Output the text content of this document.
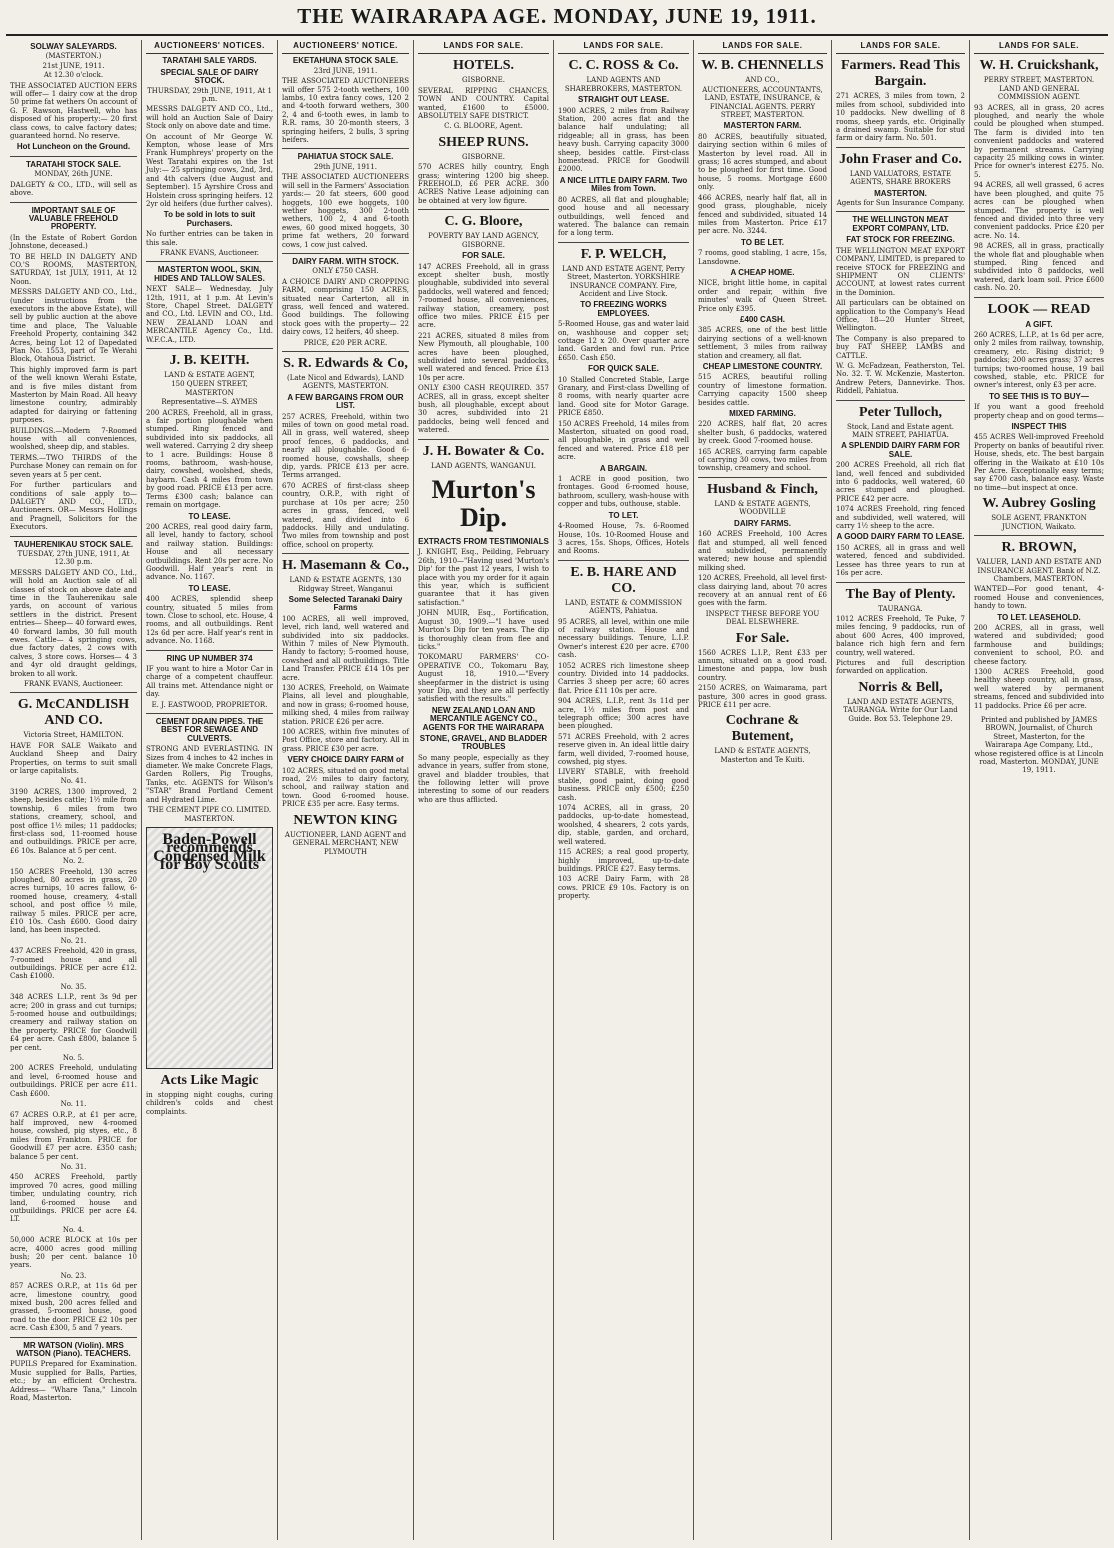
THE WAIRARAPA AGE. MONDAY, JUNE 19, 1911.
SOLWAY SALEYARDS.
(MASTERTON.)
21st JUNE, 1911.
At 12.30 o'clock.
THE ASSOCIATED AUCTION EERS will offer— 1 dairy cow at the drop 50 prime fat wethers On account of G. F. Rawson, Hastwell, who has disposed of his property:— 20 first class cows, to calve factory dates; guaranteed hornd. No reserve.
Hot Luncheon on the Ground.
TARATAHI STOCK SALE.
MONDAY, 26th JUNE.
DALGETY & CO., LTD., will sell as above.
IMPORTANT SALE OF VALUABLE FREEHOLD PROPERTY.
(In the Estate of Robert Gordon Johnstone, deceased.)
TO BE HELD IN DALGETY AND CO.'S ROOMS, MASTERTON, SATURDAY, 1st JULY, 1911, At 12 Noon.
MESSRS DALGETY AND CO., Ltd., (under instructions from the executors in the above Estate), will sell by public auction at the above time and place, The Valuable Freehold Property, containing 342 Acres, being Lot 12 of Dapedated Plan No. 1553, part of Te Werahi Block, Otahoua District.
This highly improved farm is part of the well known Werahi Estate, and is five miles distant from Masterton by Main Road. All heavy limestone country, admirably adapted for dairying or fattening purposes.
BUILDINGS.—Modern 7-Roomed house with all conveniences, woolshed, sheep dip, and stables.
TERMS.—TWO THIRDS of the Purchase Money can remain on for seven years at 5 per cent.
For further particulars and conditions of sale apply to— DALGETY AND CO., LTD., Auctioneers. OR— Messrs Hollings and Pragnell, Solicitors for the Executors.
TAUHERENIKAU STOCK SALE.
TUESDAY, 27th JUNE, 1911, At 12.30 p.m.
MESSRS DALGETY AND CO., Ltd., will hold an Auction sale of all classes of stock on above date and time in the Tauherenikau sale yards, on account of various settlers in the district. Present entries— Sheep— 40 forward ewes, 40 forward lambs, 30 full mouth ewes. Cattle— 4 springing cows, due factory dates, 2 cows with calves, 3 store cows. Horses— 4 3 and 4yr old draught geldings, broken to all work.
FRANK EVANS, Auctioneer.
G. McCANDLISH AND CO.
Victoria Street, HAMILTON.
HAVE FOR SALE Waikato and Auckland Sheep and Dairy Properties, on terms to suit small or large capitalists.
No. 41.
3190 ACRES, 1300 improved, 2 sheep, besides cattle; 1½ mile from township, 6 miles from two stations, creamery, school, and post office 1½ miles; 11 paddocks; first-class sod, 11-roomed house and outbuildings. PRICE per acre, £6 10s. Balance at 5 per cent.
No. 2.
150 ACRES Freehold, 130 acres ploughed, 80 acres in grass, 20 acres turnips, 10 acres fallow, 6-roomed house, creamery, 4-stall school, and post office ½ mile, railway 5 miles. PRICE per acre, £10 10s. Cash £600. Good dairy land, has been inspected.
No. 21.
437 ACRES Freehold, 420 in grass, 7-roomed house and all outbuildings. PRICE per acre £12. Cash £1000.
No. 35.
348 ACRES L.I.P., rent 3s 9d per acre; 200 in grass and cut turnips; 5-roomed house and outbuildings; creamery and railway station on the property. PRICE for Goodwill £4 per acre. Cash £800, balance 5 per cent.
No. 5.
200 ACRES Freehold, undulating and level, 6-roomed house and outbuildings. PRICE per acre £11. Cash £600.
No. 11.
67 ACRES O.R.P., at £1 per acre, half improved, new 4-roomed house, cowshed, pig styes, etc., 8 miles from Frankton. PRICE for Goodwill £7 per acre. £350 cash; balance 5 per cent.
No. 31.
450 ACRES Freehold, partly improved 70 acres, good milling timber, undulating country, rich land, 6-roomed house and outbuildings. PRICE per acre £4. LT.
No. 4.
50,000 ACRE BLOCK at 10s per acre, 4000 acres good milling bush; 20 per cent. balance 10 years.
No. 23.
857 ACRES O.R.P., at 11s 6d per acre, limestone country, good mixed bush, 200 acres felled and grassed, 5-roomed house, good road to the door. PRICE £2 10s per acre. Cash £300, 5 and 7 years.
MR WATSON (Violin). MRS WATSON (Piano). TEACHERS.
PUPILS Prepared for Examination. Music supplied for Balls, Parties, etc.; by an efficient Orchestra. Address— "Whare Tana," Lincoln Road, Masterton.
AUCTIONEERS' NOTICES.
TARATAHI SALE YARDS.
SPECIAL SALE OF DAIRY STOCK.
THURSDAY, 29th JUNE, 1911, At 1 p.m.
MESSRS DALGETY AND CO., Ltd., will hold an Auction Sale of Dairy Stock only on above date and time.
On account of Mr George W. Kempton, whose lease of Mrs Frank Humphreys' property on the West Taratahi expires on the 1st July:— 25 springing cows, 2nd, 3rd, and 4th calvers (due August and September). 15 Ayrshire Cross and Holstein cross springing heifers. 12 2yr old heifers (due further calves).
To be sold in lots to suit Purchasers.
No further entries can be taken in this sale.
FRANK EVANS, Auctioneer.
MASTERTON WOOL, SKIN, HIDES AND TALLOW SALES.
NEXT SALE— Wednesday, July 12th, 1911, at 1 p.m. At Levin's Store, Chapel Street. DALGETY and CO., Ltd. LEVIN and CO., Ltd. NEW ZEALAND LOAN and MERCANTILE Agency Co., Ltd. W.F.C.A., LTD.
J. B. KEITH.
LAND & ESTATE AGENT,
150 QUEEN STREET, MASTERTON
Representative—S. AYMES
200 ACRES, Freehold, all in grass, a fair portion ploughable when stumped. Ring fenced and subdivided into six paddocks, all well watered. Carrying 2 dry sheep to 1 acre. Buildings: House 8 rooms, bathroom, wash-house, dairy, cowshed, woolshed, sheds, haybarn. Cash 4 miles from town by good road. PRICE £13 per acre. Terms £300 cash; balance can remain on mortgage.
TO LEASE.
200 ACRES, real good dairy farm, all level, handy to factory, school and railway station. Buildings: House and all necessary outbuildings. Rent 20s per acre. No Goodwill. Half year's rent in advance. No. 1167.
TO LEASE.
400 ACRES, splendid sheep country, situated 5 miles from town. Close to school, etc. House, 4 rooms, and all outbuildings. Rent 12s 6d per acre. Half year's rent in advance. No. 1168.
RING UP NUMBER 374
IF you want to hire a Motor Car in charge of a competent chauffeur. All trains met. Attendance night or day.
E. J. EASTWOOD, PROPRIETOR.
CEMENT DRAIN PIPES. THE BEST FOR SEWAGE AND CULVERTS.
STRONG AND EVERLASTING. IN Sizes from 4 inches to 42 inches in diameter. We make Concrete Flags, Garden Rollers, Pig Troughs, Tanks, etc. AGENTS for Wilson's "STAR" Brand Portland Cement and Hydrated Lime.
THE CEMENT PIPE CO. LIMITED. MASTERTON.
Baden-Powell recommends Condensed Milk for Boy Scouts
Acts Like Magic
in stopping night coughs, curing children's colds and chest complaints.
AUCTIONEERS' NOTICE.
EKETAHUNA STOCK SALE.
23rd JUNE, 1911.
THE ASSOCIATED AUCTIONEERS will offer 575 2-tooth wethers, 100 lambs, 10 extra fancy cows, 120 2 and 4-tooth forward wethers, 300 2, 4 and 6-tooth ewes, in lamb to R.R. rams, 30 20-month steers, 3 springing heifers, 2 bulls, 3 spring heifers.
PAHIATUA STOCK SALE.
29th JUNE, 1911.
THE ASSOCIATED AUCTIONEERS will sell in the Farmers' Association yards:— 20 fat steers, 600 good hoggets, 100 ewe hoggets, 100 wether hoggets, 300 2-tooth wethers, 100 2, 4 and 6-tooth ewes, 60 good mixed hoggets, 30 prime fat wethers, 20 forward cows, 1 cow just calved.
DAIRY FARM. WITH STOCK.
ONLY £750 CASH.
A CHOICE DAIRY AND CROPPING FARM, comprising 150 ACRES, situated near Carterton, all in grass, well fenced and watered. Good buildings. The following stock goes with the property— 22 dairy cows, 12 heifers, 40 sheep.
PRICE, £20 PER ACRE.
S. R. Edwards & Co,
(Late Nicol and Edwards), LAND AGENTS, MASTERTON.
A FEW BARGAINS FROM OUR LIST.
257 ACRES, Freehold, within two miles of town on good metal road. All in grass, well watered, sheep proof fences, 6 paddocks, and nearly all ploughable. Good 6-roomed house, cowshalls, sheep dip, yards. PRICE £13 per acre. Terms arranged.
670 ACRES of first-class sheep country, O.R.P., with right of purchase at 10s per acre; 250 acres in grass, fenced, well watered, and divided into 6 paddocks. Hilly and undulating. Two miles from township and post office, school on property.
H. Masemann & Co.,
LAND & ESTATE AGENTS, 130 Ridgway Street, Wanganui
Some Selected Taranaki Dairy Farms
100 ACRES, all well improved, level, rich land, well watered and subdivided into six paddocks. Within 7 miles of New Plymouth. Handy to factory; 5-roomed house, cowshed and all outbuildings. Title Land Transfer. PRICE £14 10s per acre.
130 ACRES, Freehold, on Waimate Plains, all level and ploughable, and now in grass; 6-roomed house, milking shed, 4 miles from railway station. PRICE £26 per acre.
100 ACRES, within five minutes of Post Office, store and factory. All in grass. PRICE £30 per acre.
VERY CHOICE DAIRY FARM of
102 ACRES, situated on good metal road, 2½ miles to dairy factory, school, and railway station and town. Good 6-roomed house. PRICE £35 per acre. Easy terms.
NEWTON KING
AUCTIONEER, LAND AGENT and GENERAL MERCHANT, NEW PLYMOUTH
LANDS FOR SALE.
HOTELS.
GISBORNE.
SEVERAL RIPPING CHANCES, TOWN AND COUNTRY. Capital wanted, £1600 to £5000. ABSOLUTELY SAFE DISTRICT.
C. G. BLOORE, Agent.
SHEEP RUNS.
GISBORNE.
570 ACRES hilly country, Engh grass; wintering 1200 big sheep. FREEHOLD, £6 PER ACRE. 300 ACRES Native Lease adjoining can be obtained at very low figure.
C. G. Bloore,
POVERTY BAY LAND AGENCY, GISBORNE.
FOR SALE.
147 ACRES Freehold, all in grass except shelter bush, mostly ploughable, subdivided into several paddocks, well watered and fenced; 7-roomed house, all conveniences, railway station, creamery, post office two miles. PRICE £15 per acre.
221 ACRES, situated 8 miles from New Plymouth, all ploughable, 100 acres have been ploughed, subdivided into several paddocks, well watered and fenced. Price £13 10s per acre.
ONLY £300 CASH REQUIRED. 357 ACRES, all in grass, except shelter bush, all ploughable, except about 30 acres, subdivided into 21 paddocks, being well fenced and watered.
J. H. Bowater & Co.
LAND AGENTS, WANGANUI.
Murton's Dip.
EXTRACTS FROM TESTIMONIALS
J. KNIGHT, Esq., Peilding, February 26th, 1910—"Having used 'Murton's Dip' for the past 12 years, I wish to place with you my order for it again this year, which is sufficient guarantee that it has given satisfaction."
JOHN MUIR, Esq., Fortification, August 30, 1909.—"I have used Murton's Dip for ten years. The dip is thoroughly clean from flee and ticks."
TOKOMARU FARMERS' CO-OPERATIVE CO., Tokomaru Bay, August 18, 1910.—"Every sheepfarmer in the district is using your Dip, and they are all perfectly satisfied with the results."
NEW ZEALAND LOAN AND MERCANTILE AGENCY CO., AGENTS FOR THE WAIRARAPA
STONE, GRAVEL, AND BLADDER TROUBLES
So many people, especially as they advance in years, suffer from stone, gravel and bladder troubles, that the following letter will prove interesting to some of our readers who are thus afflicted.
LANDS FOR SALE.
C. C. ROSS & Co.
LAND AGENTS AND SHAREBROKERS, MASTERTON.
STRAIGHT OUT LEASE.
1900 ACRES, 2 miles from Railway Station, 200 acres flat and the balance half undulating; all ridgeable; all in grass, has been heavy bush. Carrying capacity 3000 sheep, besides cattle. First-class homestead. PRICE for Goodwill £2000.
A NICE LITTLE DAIRY FARM. Two Miles from Town.
80 ACRES, all flat and ploughable; good house and all necessary outbuildings, well fenced and watered. The balance can remain for a long term.
F. P. WELCH,
LAND AND ESTATE AGENT, Perry Street, Masterton. YORKSHIRE INSURANCE COMPANY. Fire, Accident and Live Stock.
TO FREEZING WORKS EMPLOYEES.
5-Roomed House, gas and water laid on, washhouse and copper set; cottage 12 x 20. Over quarter acre land. Garden and fowl run. Price £650. Cash £50.
FOR QUICK SALE.
10 Stalled Concreted Stable, Large Granary, and First-class Dwelling of 8 rooms, with nearly quarter acre land. Good site for Motor Garage. PRICE £850.
150 ACRES Freehold, 14 miles from Masterton, situated on good road, all ploughable, in grass and well fenced and watered. Price £18 per acre.
A BARGAIN.
1 ACRE in good position, two frontages. Good 6-roomed house, bathroom, scullery, wash-house with copper and tubs, outhouse, stable.
TO LET.
4-Roomed House, 7s. 6-Roomed House, 10s. 10-Roomed House and 3 acres, 15s. Shops, Offices, Hotels and Rooms.
E. B. HARE AND CO.
LAND, ESTATE & COMMISSION AGENTS, Pahiatua.
95 ACRES, all level, within one mile of railway station. House and necessary buildings. Tenure, L.I.P. Owner's interest £20 per acre. £700 cash.
1052 ACRES rich limestone sheep country. Divided into 14 paddocks. Carries 3 sheep per acre; 60 acres flat. Price £11 10s per acre.
904 ACRES, L.I.P., rent 3s 11d per acre, 1½ miles from post and telegraph office; 300 acres have been ploughed.
571 ACRES Freehold, with 2 acres reserve given in. An ideal little dairy farm, well divided, 7-roomed house, cowshed, pig styes.
LIVERY STABLE, with freehold stable, good paint, doing good business. PRICE only £500; £250 cash.
1074 ACRES, all in grass, 20 paddocks, up-to-date homestead, woolshed, 4 shearers, 2 cots yards, dip, stable, garden, and orchard, well watered.
115 ACRES; a real good property, highly improved, up-to-date buildings. PRICE £27. Easy terms.
103 ACRE Dairy Farm, with 28 cows. PRICE £9 10s. Factory is on property.
LANDS FOR SALE.
W. B. CHENNELLS
AND CO.,
AUCTIONEERS, ACCOUNTANTS, LAND, ESTATE, INSURANCE, & FINANCIAL AGENTS. PERRY STREET, MASTERTON.
MASTERTON FARM.
80 ACRES, beautifully situated, dairying section within 6 miles of Masterton by level road. All in grass; 16 acres stumped, and about to be ploughed for first time. Good house, 5 rooms. Mortgage £600 only.
466 ACRES, nearly half flat, all in good grass, ploughable, nicely fenced and subdivided, situated 14 miles from Masterton. Price £17 per acre. No. 3244.
TO BE LET.
7 rooms, good stabling, 1 acre, 15s, Lansdowne.
A CHEAP HOME.
NICE, bright little home, in capital order and repair, within five minutes' walk of Queen Street. Price only £395.
£400 CASH.
385 ACRES, one of the best little dairying sections of a well-known settlement, 3 miles from railway station and creamery, all flat.
CHEAP LIMESTONE COUNTRY.
515 ACRES, beautiful rolling country of limestone formation. Carrying capacity 1500 sheep besides cattle.
MIXED FARMING.
220 ACRES, half flat, 20 acres shelter bush, 6 paddocks, watered by creek. Good 7-roomed house.
165 ACRES, carrying farm capable of carrying 30 cows, two miles from township, creamery and school.
Husband & Finch,
LAND & ESTATE AGENTS, WOODVILLE
DAIRY FARMS.
160 ACRES Freehold, 100 Acres flat and stumped, all well fenced and subdivided, permanently watered; new house and splendid milking shed.
120 ACRES, Freehold, all level first-class dairying land, about 70 acres recovery at an annual rent of £6 goes with the farm.
INSPECT THESE BEFORE YOU DEAL ELSEWHERE.
For Sale.
1560 ACRES L.I.P., Rent £33 per annum, situated on a good road. Limestone and pappa, low bush country.
2150 ACRES, on Waimarama, part pasture, 300 acres in good grass. PRICE £11 per acre.
Cochrane & Butement,
LAND & ESTATE AGENTS, Masterton and Te Kuiti.
LANDS FOR SALE.
Farmers. Read This Bargain.
271 ACRES, 3 miles from town, 2 miles from school, subdivided into 10 paddocks. New dwelling of 8 rooms, sheep yards, etc. Originally a drained swamp. Suitable for stud farm or dairy farm. No. 501.
John Fraser and Co.
LAND VALUATORS, ESTATE AGENTS, SHARE BROKERS
MASTERTON.
Agents for Sun Insurance Company.
THE WELLINGTON MEAT EXPORT COMPANY, LTD.
FAT STOCK FOR FREEZING.
THE WELLINGTON MEAT EXPORT COMPANY, LIMITED, is prepared to receive STOCK for FREEZING and SHIPMENT ON CLIENTS' ACCOUNT, at lowest rates current in the Dominion.
All particulars can be obtained on application to the Company's Head Office, 18—20 Hunter Street, Wellington.
The Company is also prepared to buy FAT SHEEP, LAMBS and CATTLE.
W. G. McFadzean, Featherston, Tel. No. 32. T. W. McKenzie, Masterton. Andrew Peters, Dannevirke. Thos. Riddell, Pahiatua.
Peter Tulloch,
Stock, Land and Estate agent. MAIN STREET, PAHIATUA.
A SPLENDID DAIRY FARM FOR SALE.
200 ACRES Freehold, all rich flat land, well fenced and subdivided into 6 paddocks, well watered, 60 acres stumped and ploughed. PRICE £42 per acre.
1074 ACRES Freehold, ring fenced and subdivided, well watered, will carry 1½ sheep to the acre.
A GOOD DAIRY FARM TO LEASE.
150 ACRES, all in grass and well watered, fenced and subdivided. Lessee has three years to run at 16s per acre.
The Bay of Plenty.
TAURANGA.
1012 ACRES Freehold, Te Puke, 7 miles fencing, 9 paddocks, run of about 600 Acres, 400 improved, balance rich high fern and fern country, well watered.
Pictures and full description forwarded on application.
Norris & Bell,
LAND AND ESTATE AGENTS, TAURANGA. Write for Our Land Guide. Box 53. Telephone 29.
LANDS FOR SALE.
W. H. Cruickshank,
PERRY STREET, MASTERTON. LAND AND GENERAL COMMISSION AGENT.
93 ACRES, all in grass, 20 acres ploughed, and nearly the whole could be ploughed when stumped. The farm is divided into ten convenient paddocks and watered by permanent streams. Carrying capacity 25 milking cows in winter. Price for owner's interest £275. No. 5.
94 ACRES, all well grassed, 6 acres have been ploughed, and quite 75 acres can be ploughed when stumped. The property is well fenced and divided into three very convenient paddocks. Price £20 per acre. No. 14.
98 ACRES, all in grass, practically the whole flat and ploughable when stumped. Ring fenced and subdivided into 8 paddocks, well watered, dark loam soil. Price £600 cash. No. 20.
LOOK — READ
A GIFT.
260 ACRES, L.I.P., at 1s 6d per acre, only 2 miles from railway, township, creamery, etc. Rising district; 9 paddocks; 200 acres grass; 37 acres turnips; two-roomed house, 19 bail cowshed, stable, etc. PRICE for owner's interest, only £3 per acre.
TO SEE THIS IS TO BUY—
If you want a good freehold property cheap and on good terms—
INSPECT THIS
455 ACRES Well-improved Freehold Property on banks of beautiful river. House, sheds, etc. The best bargain offering in the Waikato at £10 10s Per Acre. Exceptionally easy terms; say £700 cash, balance easy. Waste no time—but inspect at once.
W. Aubrey Gosling
SOLE AGENT, FRANKTON JUNCTION, Waikato.
R. BROWN,
VALUER, LAND AND ESTATE AND INSURANCE AGENT. Bank of N.Z. Chambers, MASTERTON.
WANTED—For good tenant, 4-roomed House and conveniences, handy to town.
TO LET. LEASEHOLD.
200 ACRES, all in grass, well watered and subdivided; good farmhouse and buildings; convenient to school, P.O. and cheese factory.
1300 ACRES Freehold, good healthy sheep country, all in grass, well watered by permanent streams, fenced and subdivided into 11 paddocks. Price £6 per acre.
Printed and published by JAMES BROWN, Journalist, of Church Street, Masterton, for the Wairarapa Age Company, Ltd., whose registered office is at Lincoln road, Masterton. MONDAY, JUNE 19, 1911.
